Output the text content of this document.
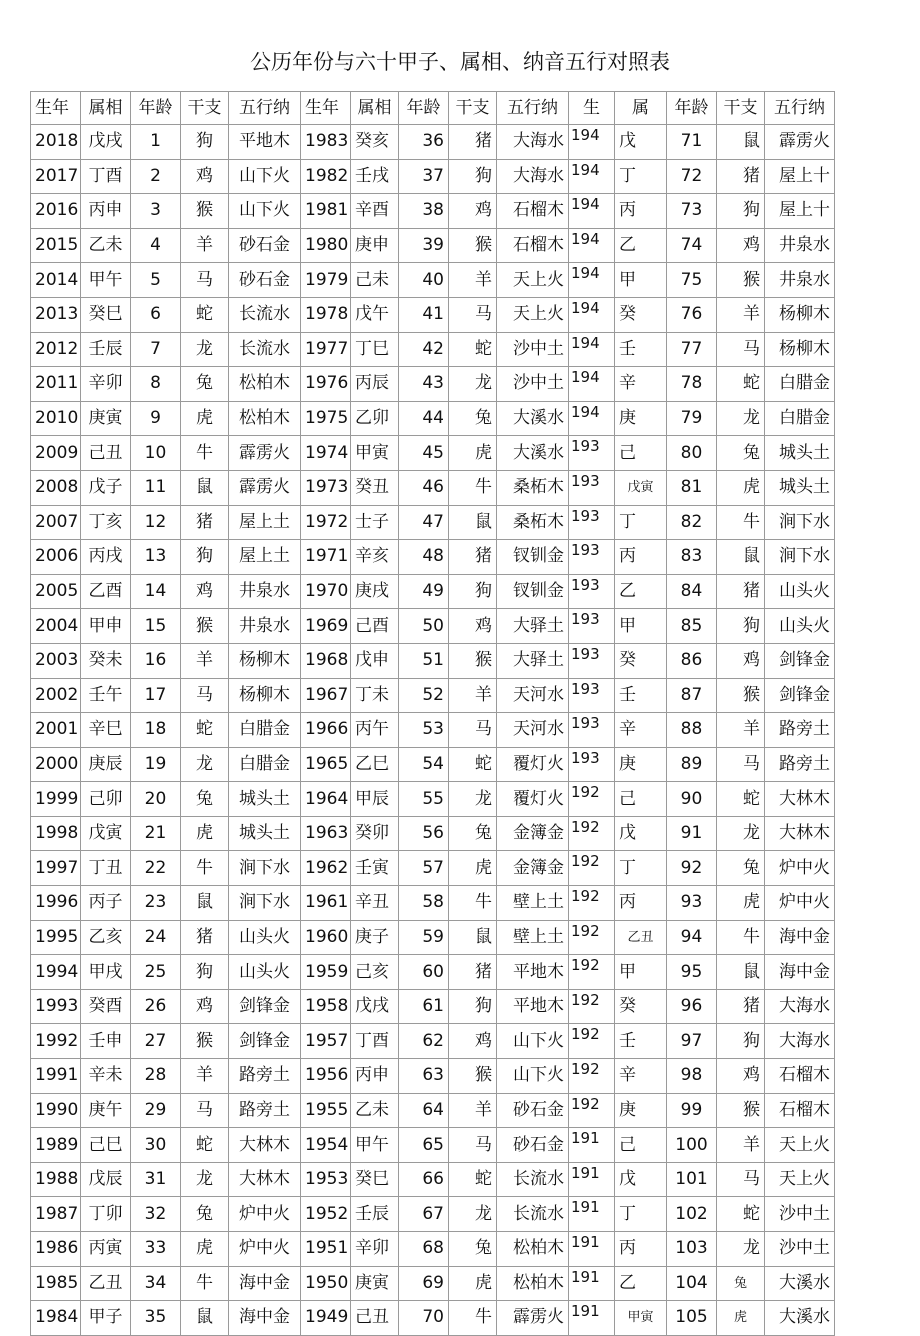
公历年份与六十甲子、属相、纳音五行对照表
生年	属相	年龄	干支	五行纳	生年	属相	年龄	干支	五行纳	生	属	年龄	干支	五行纳
2018	戊戌	1	狗	平地木	1983	癸亥	36	猪	大海水	194	戊	71	鼠	霹雳火
2017	丁酉	2	鸡	山下火	1982	壬戌	37	狗	大海水	194	丁	72	猪	屋上十
2016	丙申	3	猴	山下火	1981	辛酉	38	鸡	石榴木	194	丙	73	狗	屋上十
2015	乙未	4	羊	砂石金	1980	庚申	39	猴	石榴木	194	乙	74	鸡	井泉水
2014	甲午	5	马	砂石金	1979	己未	40	羊	天上火	194	甲	75	猴	井泉水
2013	癸巳	6	蛇	长流水	1978	戊午	41	马	天上火	194	癸	76	羊	杨柳木
2012	壬辰	7	龙	长流水	1977	丁巳	42	蛇	沙中土	194	壬	77	马	杨柳木
2011	辛卯	8	兔	松柏木	1976	丙辰	43	龙	沙中土	194	辛	78	蛇	白腊金
2010	庚寅	9	虎	松柏木	1975	乙卯	44	兔	大溪水	194	庚	79	龙	白腊金
2009	己丑	10	牛	霹雳火	1974	甲寅	45	虎	大溪水	193	己	80	兔	城头土
2008	戊子	11	鼠	霹雳火	1973	癸丑	46	牛	桑柘木	193	戊寅	81	虎	城头土
2007	丁亥	12	猪	屋上土	1972	士子	47	鼠	桑柘木	193	丁	82	牛	涧下水
2006	丙戌	13	狗	屋上土	1971	辛亥	48	猪	钗钏金	193	丙	83	鼠	涧下水
2005	乙酉	14	鸡	井泉水	1970	庚戌	49	狗	钗钏金	193	乙	84	猪	山头火
2004	甲申	15	猴	井泉水	1969	己酉	50	鸡	大驿土	193	甲	85	狗	山头火
2003	癸未	16	羊	杨柳木	1968	戊申	51	猴	大驿土	193	癸	86	鸡	剑锋金
2002	壬午	17	马	杨柳木	1967	丁未	52	羊	天河水	193	壬	87	猴	剑锋金
2001	辛巳	18	蛇	白腊金	1966	丙午	53	马	天河水	193	辛	88	羊	路旁土
2000	庚辰	19	龙	白腊金	1965	乙巳	54	蛇	覆灯火	193	庚	89	马	路旁土
1999	己卯	20	兔	城头土	1964	甲辰	55	龙	覆灯火	192	己	90	蛇	大林木
1998	戊寅	21	虎	城头土	1963	癸卯	56	兔	金簿金	192	戊	91	龙	大林木
1997	丁丑	22	牛	涧下水	1962	壬寅	57	虎	金簿金	192	丁	92	兔	炉中火
1996	丙子	23	鼠	涧下水	1961	辛丑	58	牛	壁上土	192	丙	93	虎	炉中火
1995	乙亥	24	猪	山头火	1960	庚子	59	鼠	壁上土	192	乙丑	94	牛	海中金
1994	甲戌	25	狗	山头火	1959	己亥	60	猪	平地木	192	甲	95	鼠	海中金
1993	癸酉	26	鸡	剑锋金	1958	戊戌	61	狗	平地木	192	癸	96	猪	大海水
1992	壬申	27	猴	剑锋金	1957	丁酉	62	鸡	山下火	192	壬	97	狗	大海水
1991	辛未	28	羊	路旁土	1956	丙申	63	猴	山下火	192	辛	98	鸡	石榴木
1990	庚午	29	马	路旁土	1955	乙未	64	羊	砂石金	192	庚	99	猴	石榴木
1989	己巳	30	蛇	大林木	1954	甲午	65	马	砂石金	191	己	100	羊	天上火
1988	戊辰	31	龙	大林木	1953	癸巳	66	蛇	长流水	191	戊	101	马	天上火
1987	丁卯	32	兔	炉中火	1952	壬辰	67	龙	长流水	191	丁	102	蛇	沙中土
1986	丙寅	33	虎	炉中火	1951	辛卯	68	兔	松柏木	191	丙	103	龙	沙中土
1985	乙丑	34	牛	海中金	1950	庚寅	69	虎	松柏木	191	乙	104	兔	大溪水
1984	甲子	35	鼠	海中金	1949	己丑	70	牛	霹雳火	191	甲寅	105	虎	大溪水
